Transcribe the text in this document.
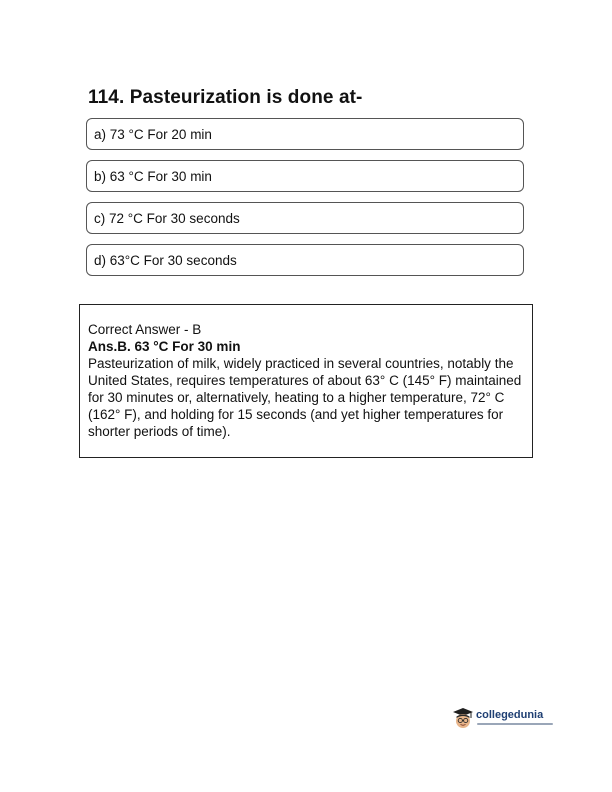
114. Pasteurization is done at-
a) 73 °C For 20 min
b) 63 °C For 30 min
c) 72 °C For 30 seconds
d) 63°C For 30 seconds
Correct Answer - B
Ans.B. 63 °C For 30 min
Pasteurization of milk, widely practiced in several countries, notably the United States, requires temperatures of about 63° C (145° F) maintained for 30 minutes or, alternatively, heating to a higher temperature, 72° C (162° F), and holding for 15 seconds (and yet higher temperatures for shorter periods of time).
collegedunia
